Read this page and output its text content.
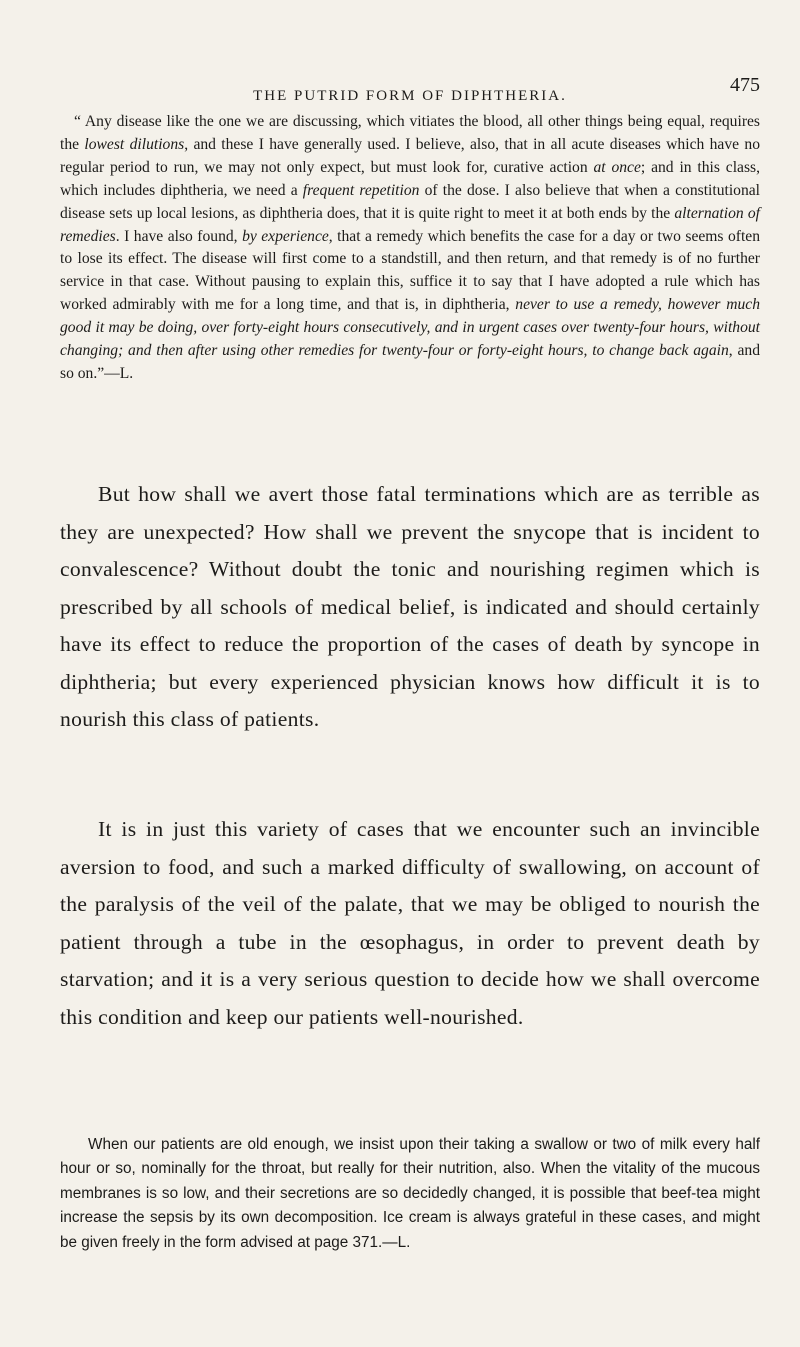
THE PUTRID FORM OF DIPHTHERIA.	475

“ Any disease like the one we are discussing, which vitiates the blood, all other things being equal, requires the lowest dilutions, and these I have generally used. I believe, also, that in all acute diseases which have no regular period to run, we may not only expect, but must look for, curative action at once; and in this class, which includes diphtheria, we need a frequent repetition of the dose. I also believe that when a constitutional disease sets up local lesions, as diphtheria does, that it is quite right to meet it at both ends by the alternation of remedies. I have also found, by experience, that a remedy which benefits the case for a day or two seems often to lose its effect. The disease will first come to a standstill, and then return, and that remedy is of no further service in that case. Without pausing to explain this, suffice it to say that I have adopted a rule which has worked admirably with me for a long time, and that is, in diphtheria, never to use a remedy, however much good it may be doing, over forty-eight hours consecutively, and in urgent cases over twenty-four hours, without changing; and then after using other remedies for twenty-four or forty-eight hours, to change back again, and so on.”—L.

But how shall we avert those fatal terminations which are as terrible as they are unexpected? How shall we prevent the snycope that is incident to convalescence? Without doubt the tonic and nourishing regimen which is prescribed by all schools of medical belief, is indicated and should certainly have its effect to reduce the proportion of the cases of death by syncope in diphtheria; but every experienced physician knows how difficult it is to nourish this class of patients.

It is in just this variety of cases that we encounter such an invincible aversion to food, and such a marked difficulty of swallowing, on account of the paralysis of the veil of the palate, that we may be obliged to nourish the patient through a tube in the œsophagus, in order to prevent death by starvation; and it is a very serious question to decide how we shall overcome this condition and keep our patients well-nourished.

When our patients are old enough, we insist upon their taking a swallow or two of milk every half hour or so, nominally for the throat, but really for their nutrition, also. When the vitality of the mucous membranes is so low, and their secretions are so decidedly changed, it is possible that beef-tea might increase the sepsis by its own decomposition. Ice cream is always grateful in these cases, and might be given freely in the form advised at page 371.—L.
